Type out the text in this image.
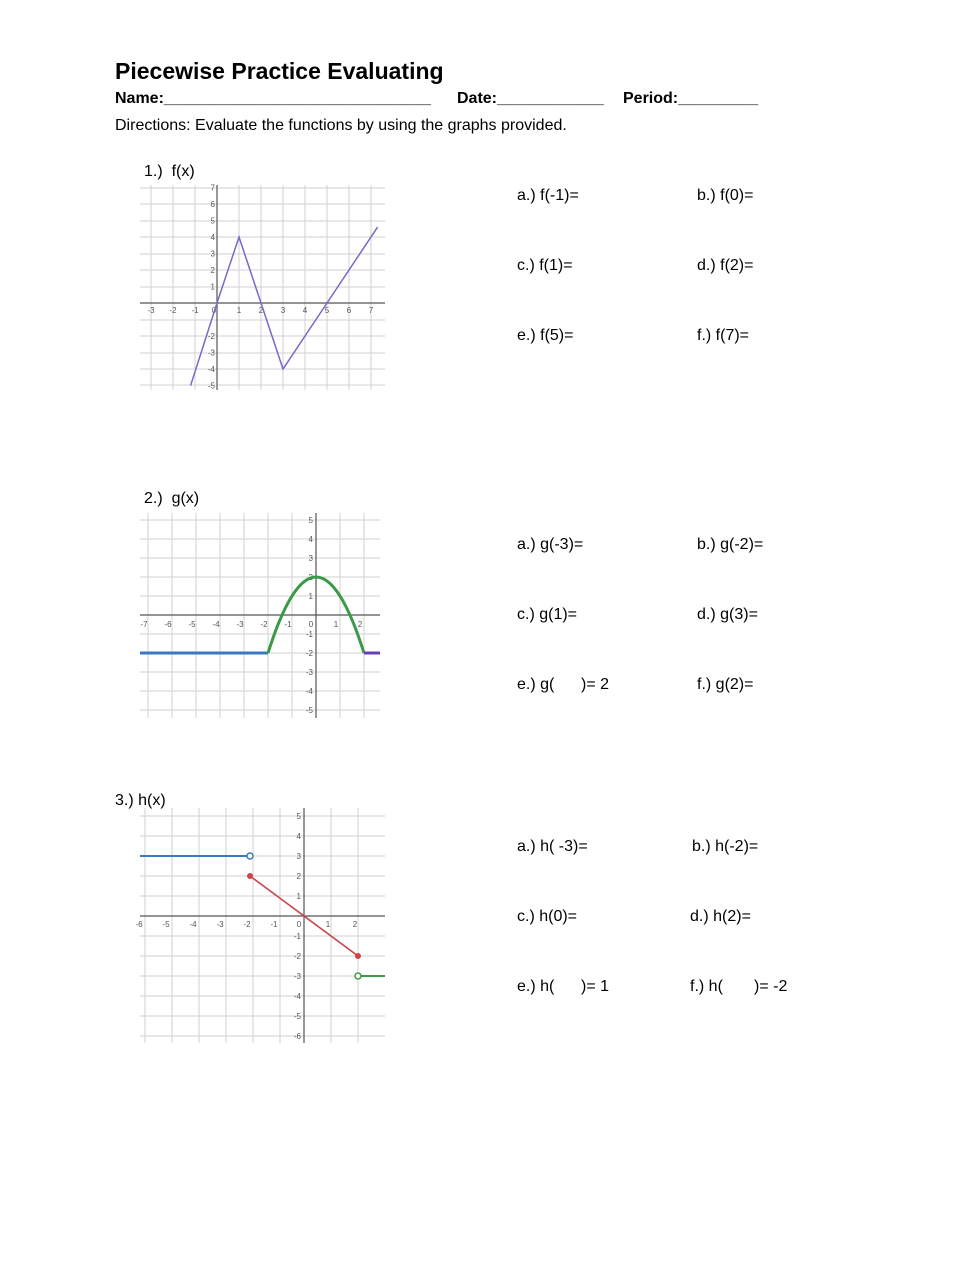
Piecewise Practice Evaluating
Name:______________________________ Date:____________ Period:_________
Directions: Evaluate the functions by using the graphs provided.
1.)  f(x)
-3 -2 -1 0	1 2 3 4 5 6 7
7
6
5
4
3
2
1
-2
-3
-4
-5
a.) f(-1)=	b.) f(0)=
c.) f(1)=	d.) f(2)=
e.) f(5)=	f.) f(7)=
2.)  g(x)
-7 -6 -5 -4 -3 -2 -1 0	1 2
5
4
3
2
1
-1
-2
-3
-4
-5
a.) g(-3)=	b.) g(-2)=
c.) g(1)=	d.) g(3)=
e.) g(      )= 2	f.) g(2)=
3.) h(x)
-6 -5 -4 -3 -2 -1 0	1	2
5
4
3
2
1
-1
-2
-3
-4
-5
-6
a.) h( -3)=	b.) h(-2)=
c.) h(0)=	d.) h(2)=
e.) h(      )= 1	f.) h(       )= -2
